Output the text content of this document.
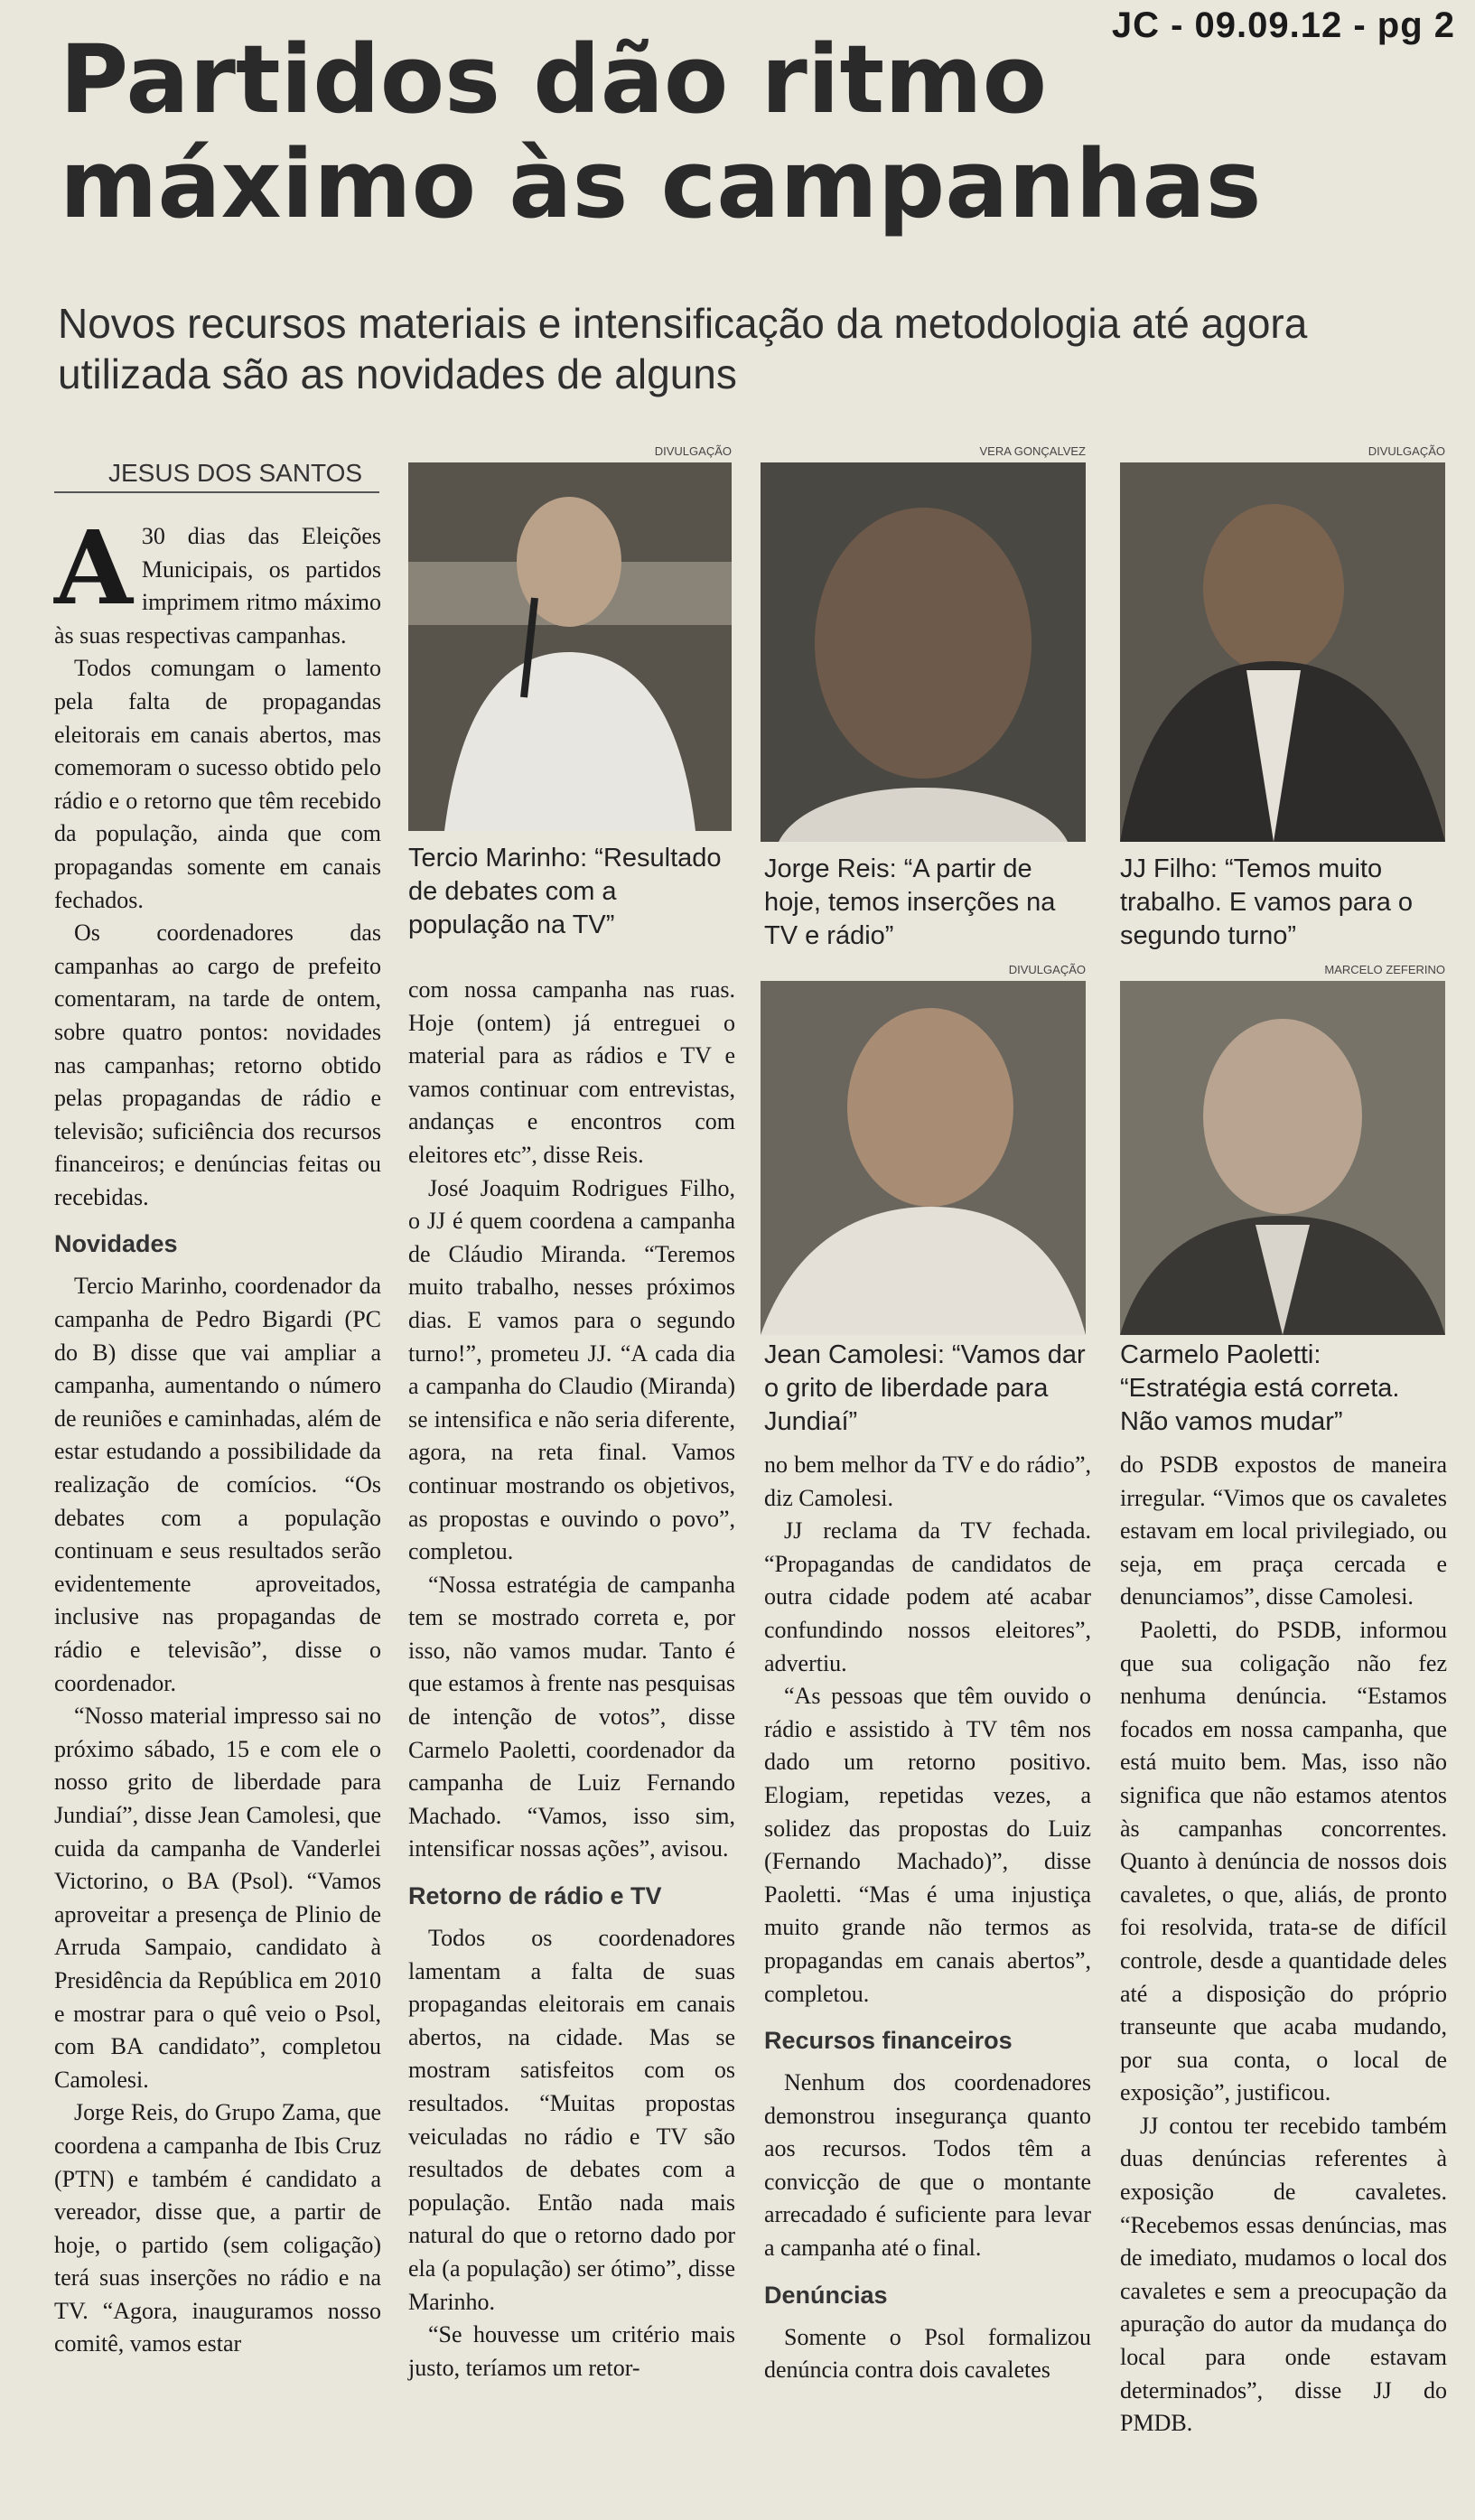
JC - 09.09.12 - pg 2
Partidos dão ritmo
máximo às campanhas
Novos recursos materiais e intensificação da metodologia até agora utilizada são as novidades de alguns
JESUS DOS SANTOS

A 30 dias das Eleições Municipais, os partidos imprimem ritmo máximo às suas respectivas campanhas.

Todos comungam o lamento pela falta de propagandas eleitorais em canais abertos, mas comemoram o sucesso obtido pelo rádio e o retorno que têm recebido da população, ainda que com propagandas somente em canais fechados.

Os coordenadores das campanhas ao cargo de prefeito comentaram, na tarde de ontem, sobre quatro pontos: novidades nas campanhas; retorno obtido pelas propagandas de rádio e televisão; suficiência dos recursos financeiros; e denúncias feitas ou recebidas.

Novidades

Tercio Marinho, coordenador da campanha de Pedro Bigardi (PC do B) disse que vai ampliar a campanha, aumentando o número de reuniões e caminhadas, além de estar estudando a possibilidade da realização de comícios. “Os debates com a população continuam e seus resultados serão evidentemente aproveitados, inclusive nas propagandas de rádio e televisão”, disse o coordenador.

“Nosso material impresso sai no próximo sábado, 15 e com ele o nosso grito de liberdade para Jundiaí”, disse Jean Camolesi, que cuida da campanha de Vanderlei Victorino, o BA (Psol). “Vamos aproveitar a presença de Plinio de Arruda Sampaio, candidato à Presidência da República em 2010 e mostrar para o quê veio o Psol, com BA candidato”, completou Camolesi.

Jorge Reis, do Grupo Zama, que coordena a campanha de Ibis Cruz (PTN) e também é candidato a vereador, disse que, a partir de hoje, o partido (sem coligação) terá suas inserções no rádio e na TV. “Agora, inauguramos nosso comitê, vamos estar

DIVULGAÇÃO
Tercio Marinho: “Resultado de debates com a população na TV”
VERA GONÇALVEZ
Jorge Reis: “A partir de hoje, temos inserções na TV e rádio”
DIVULGAÇÃO
JJ Filho: “Temos muito trabalho. E vamos para o segundo turno”
DIVULGAÇÃO
Jean Camolesi: “Vamos dar o grito de liberdade para Jundiaí”
MARCELO ZEFERINO
Carmelo Paoletti: “Estratégia está correta. Não vamos mudar”

com nossa campanha nas ruas. Hoje (ontem) já entreguei o material para as rádios e TV e vamos continuar com entrevistas, andanças e encontros com eleitores etc”, disse Reis.

José Joaquim Rodrigues Filho, o JJ é quem coordena a campanha de Cláudio Miranda. “Teremos muito trabalho, nesses próximos dias. E vamos para o segundo turno!”, prometeu JJ. “A cada dia a campanha do Claudio (Miranda) se intensifica e não seria diferente, agora, na reta final. Vamos continuar mostrando os objetivos, as propostas e ouvindo o povo”, completou.

“Nossa estratégia de campanha tem se mostrado correta e, por isso, não vamos mudar. Tanto é que estamos à frente nas pesquisas de intenção de votos”, disse Carmelo Paoletti, coordenador da campanha de Luiz Fernando Machado. “Vamos, isso sim, intensificar nossas ações”, avisou.

Retorno de rádio e TV

Todos os coordenadores lamentam a falta de suas propagandas eleitorais em canais abertos, na cidade. Mas se mostram satisfeitos com os resultados. “Muitas propostas veiculadas no rádio e TV são resultados de debates com a população. Então nada mais natural do que o retorno dado por ela (a população) ser ótimo”, disse Marinho.

“Se houvesse um critério mais justo, teríamos um retor-

no bem melhor da TV e do rádio”, diz Camolesi.

JJ reclama da TV fechada. “Propagandas de candidatos de outra cidade podem até acabar confundindo nossos eleitores”, advertiu.

“As pessoas que têm ouvido o rádio e assistido à TV têm nos dado um retorno positivo. Elogiam, repetidas vezes, a solidez das propostas do Luiz (Fernando Machado)”, disse Paoletti. “Mas é uma injustiça muito grande não termos as propagandas em canais abertos”, completou.

Recursos financeiros

Nenhum dos coordenadores demonstrou insegurança quanto aos recursos. Todos têm a convicção de que o montante arrecadado é suficiente para levar a campanha até o final.

Denúncias

Somente o Psol formalizou denúncia contra dois cavaletes

do PSDB expostos de maneira irregular. “Vimos que os cavaletes estavam em local privilegiado, ou seja, em praça cercada e denunciamos”, disse Camolesi.

Paoletti, do PSDB, informou que sua coligação não fez nenhuma denúncia. “Estamos focados em nossa campanha, que está muito bem. Mas, isso não significa que não estamos atentos às campanhas concorrentes. Quanto à denúncia de nossos dois cavaletes, o que, aliás, de pronto foi resolvida, trata-se de difícil controle, desde a quantidade deles até a disposição do próprio transeunte que acaba mudando, por sua conta, o local de exposição”, justificou.

JJ contou ter recebido também duas denúncias referentes à exposição de cavaletes. “Recebemos essas denúncias, mas de imediato, mudamos o local dos cavaletes e sem a preocupação da apuração do autor da mudança do local para onde estavam determinados”, disse JJ do PMDB.
